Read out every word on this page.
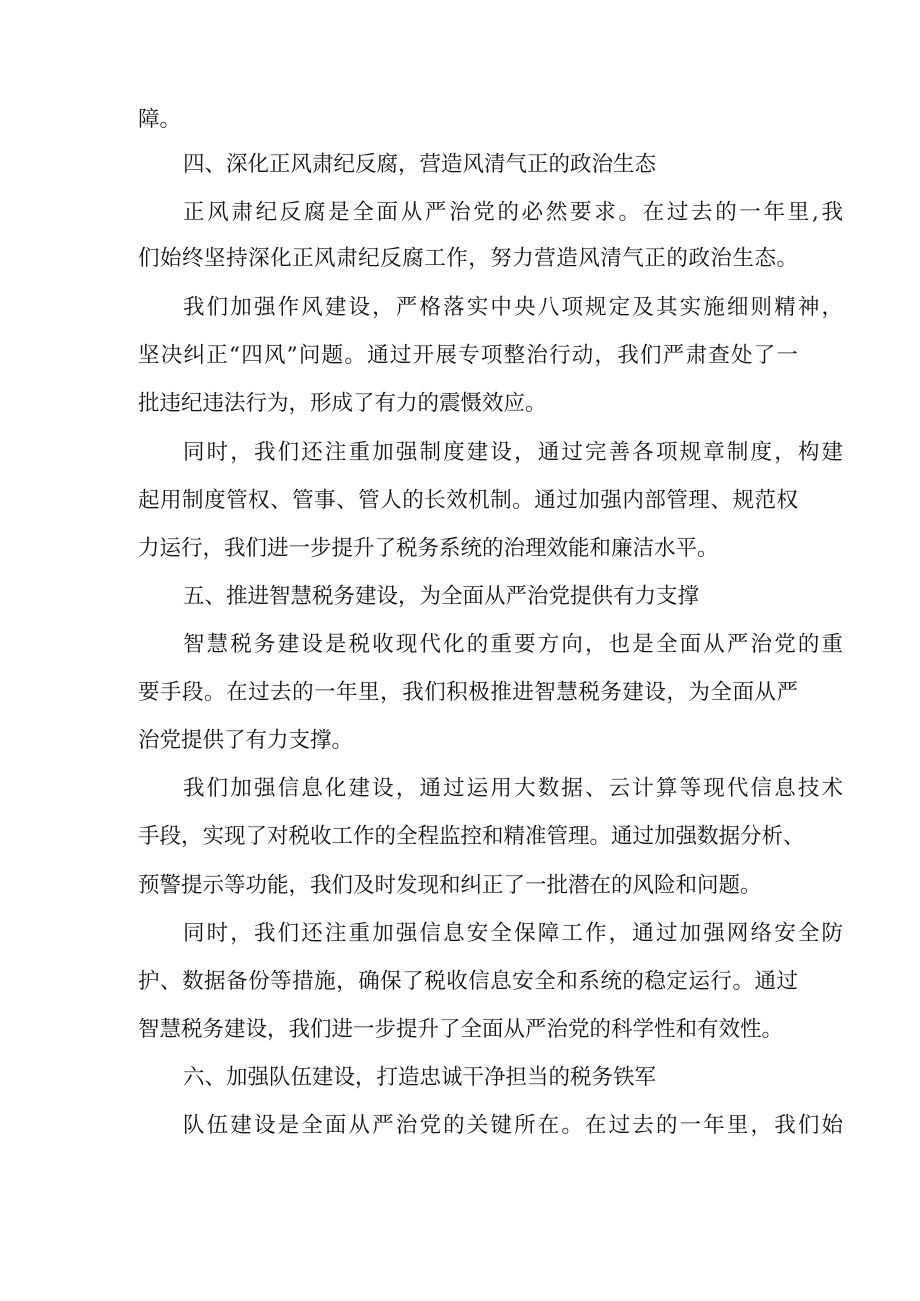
障。
四、深化正风肃纪反腐，营造风清气正的政治生态
正风肃纪反腐是全面从严治党的必然要求。在过去的一年里,我
们始终坚持深化正风肃纪反腐工作，努力营造风清气正的政治生态。
我们加强作风建设，严格落实中央八项规定及其实施细则精神，
坚决纠正“四风”问题。通过开展专项整治行动，我们严肃查处了一
批违纪违法行为，形成了有力的震慑效应。
同时，我们还注重加强制度建设，通过完善各项规章制度，构建
起用制度管权、管事、管人的长效机制。通过加强内部管理、规范权
力运行，我们进一步提升了税务系统的治理效能和廉洁水平。
五、推进智慧税务建设，为全面从严治党提供有力支撑
智慧税务建设是税收现代化的重要方向，也是全面从严治党的重
要手段。在过去的一年里，我们积极推进智慧税务建设，为全面从严
治党提供了有力支撑。
我们加强信息化建设，通过运用大数据、云计算等现代信息技术
手段，实现了对税收工作的全程监控和精准管理。通过加强数据分析、
预警提示等功能，我们及时发现和纠正了一批潜在的风险和问题。
同时，我们还注重加强信息安全保障工作，通过加强网络安全防
护、数据备份等措施，确保了税收信息安全和系统的稳定运行。通过
智慧税务建设，我们进一步提升了全面从严治党的科学性和有效性。
六、加强队伍建设，打造忠诚干净担当的税务铁军
队伍建设是全面从严治党的关键所在。在过去的一年里，我们始
